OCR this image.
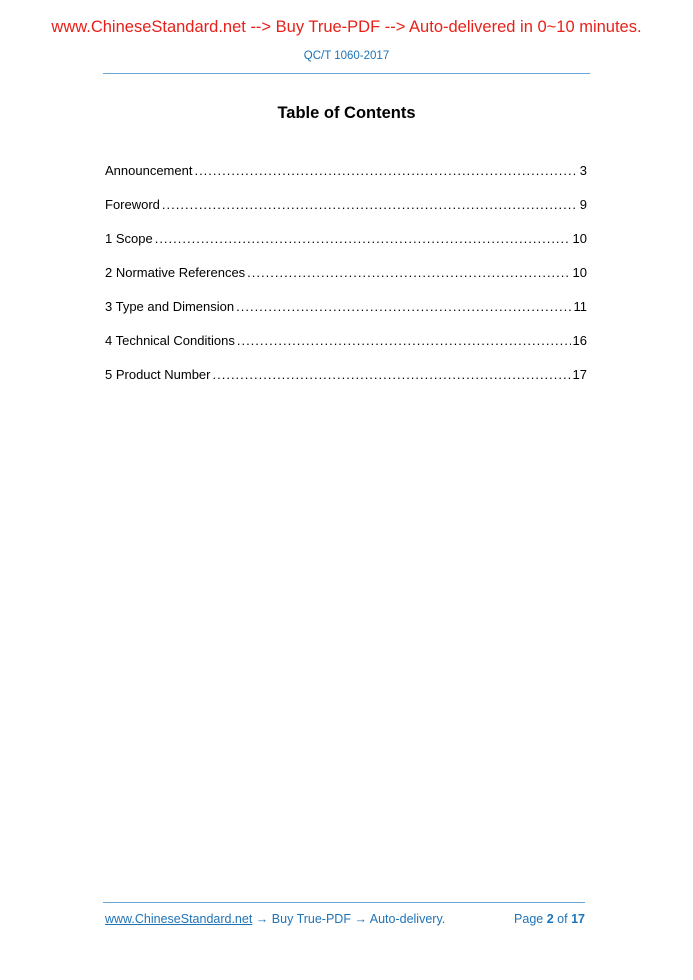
www.ChineseStandard.net --> Buy True-PDF --> Auto-delivered in 0~10 minutes.
QC/T 1060-2017
Table of Contents
Announcement .....	3
Foreword .....	9
1 Scope .....	10
2 Normative References .....	10
3 Type and Dimension .....	11
4 Technical Conditions .....	16
5 Product Number .....	17
www.ChineseStandard.net → Buy True-PDF → Auto-delivery.	Page 2 of 17
